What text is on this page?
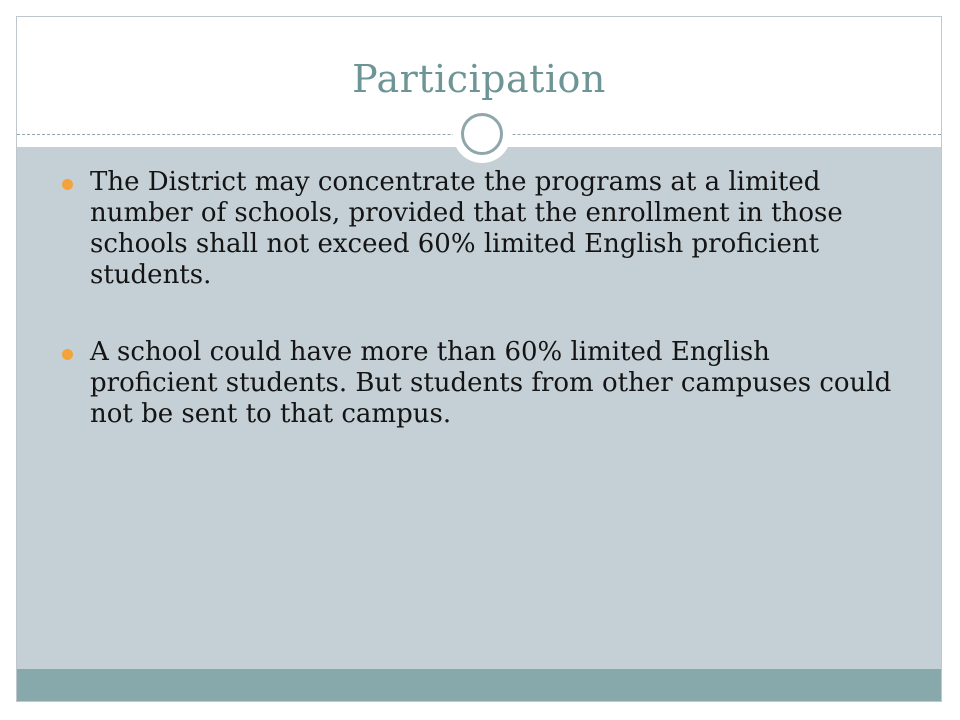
Participation
The District may concentrate the programs at a limited number of schools, provided that the enrollment in those schools shall not exceed 60% limited English proficient students.
A school could have more than 60% limited English proficient students. But students from other campuses could not be sent to that campus.
